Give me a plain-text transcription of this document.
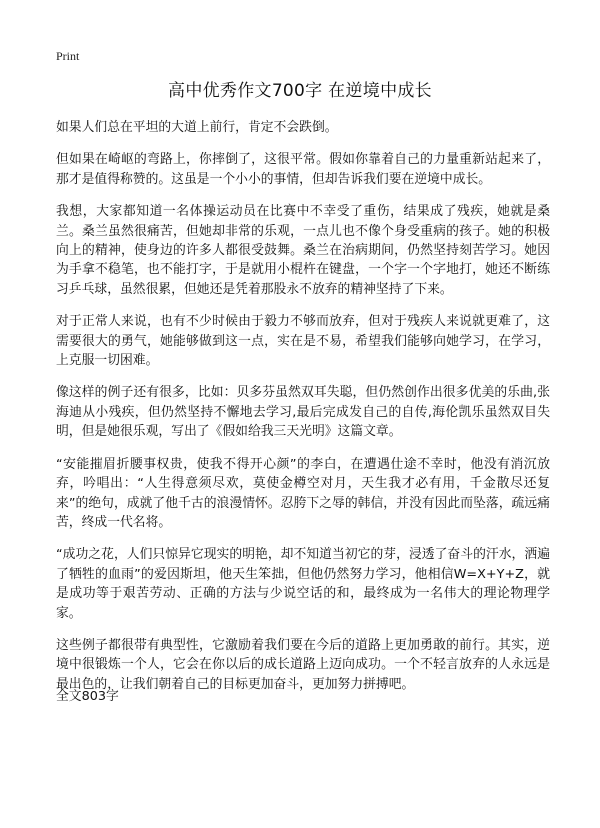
Print
高中优秀作文700字 在逆境中成长

如果人们总在平坦的大道上前行，肯定不会跌倒。

但如果在崎岖的弯路上，你摔倒了，这很平常。假如你靠着自己的力量重新站起来了，那才是值得称赞的。这虽是一个小小的事情，但却告诉我们要在逆境中成长。

我想，大家都知道一名体操运动员在比赛中不幸受了重伤，结果成了残疾，她就是桑兰。桑兰虽然很痛苦，但她却非常的乐观，一点儿也不像个身受重病的孩子。她的积极向上的精神，使身边的许多人都很受鼓舞。桑兰在治病期间，仍然坚持刻苦学习。她因为手拿不稳笔，也不能打字，于是就用小棍杵在键盘，一个字一个字地打，她还不断练习乒乓球，虽然很累，但她还是凭着那股永不放弃的精神坚持了下来。

对于正常人来说，也有不少时候由于毅力不够而放弃，但对于残疾人来说就更难了，这需要很大的勇气，她能够做到这一点，实在是不易，希望我们能够向她学习，在学习，上克服一切困难。

像这样的例子还有很多，比如：贝多芬虽然双耳失聪，但仍然创作出很多优美的乐曲,张海迪从小残疾，但仍然坚持不懈地去学习,最后完成发自己的自传,海伦凯乐虽然双目失明，但是她很乐观，写出了《假如给我三天光明》这篇文章。

“安能摧眉折腰事权贵，使我不得开心颜”的李白，在遭遇仕途不幸时，他没有消沉放弃，吟唱出：“人生得意须尽欢，莫使金樽空对月，天生我才必有用，千金散尽还复来”的绝句，成就了他千古的浪漫情怀。忍胯下之辱的韩信，并没有因此而坠落，疏远痛苦，终成一代名将。

“成功之花，人们只惊异它现实的明艳，却不知道当初它的芽，浸透了奋斗的汗水，洒遍了牺牲的血雨”的爱因斯坦，他天生笨拙，但他仍然努力学习，他相信W=X+Y+Z，就是成功等于艰苦劳动、正确的方法与少说空话的和，最终成为一名伟大的理论物理学家。

这些例子都很带有典型性，它激励着我们要在今后的道路上更加勇敢的前行。其实，逆境中很锻炼一个人，它会在你以后的成长道路上迈向成功。一个不轻言放弃的人永远是最出色的，让我们朝着自己的目标更加奋斗，更加努力拼搏吧。

全文803字
